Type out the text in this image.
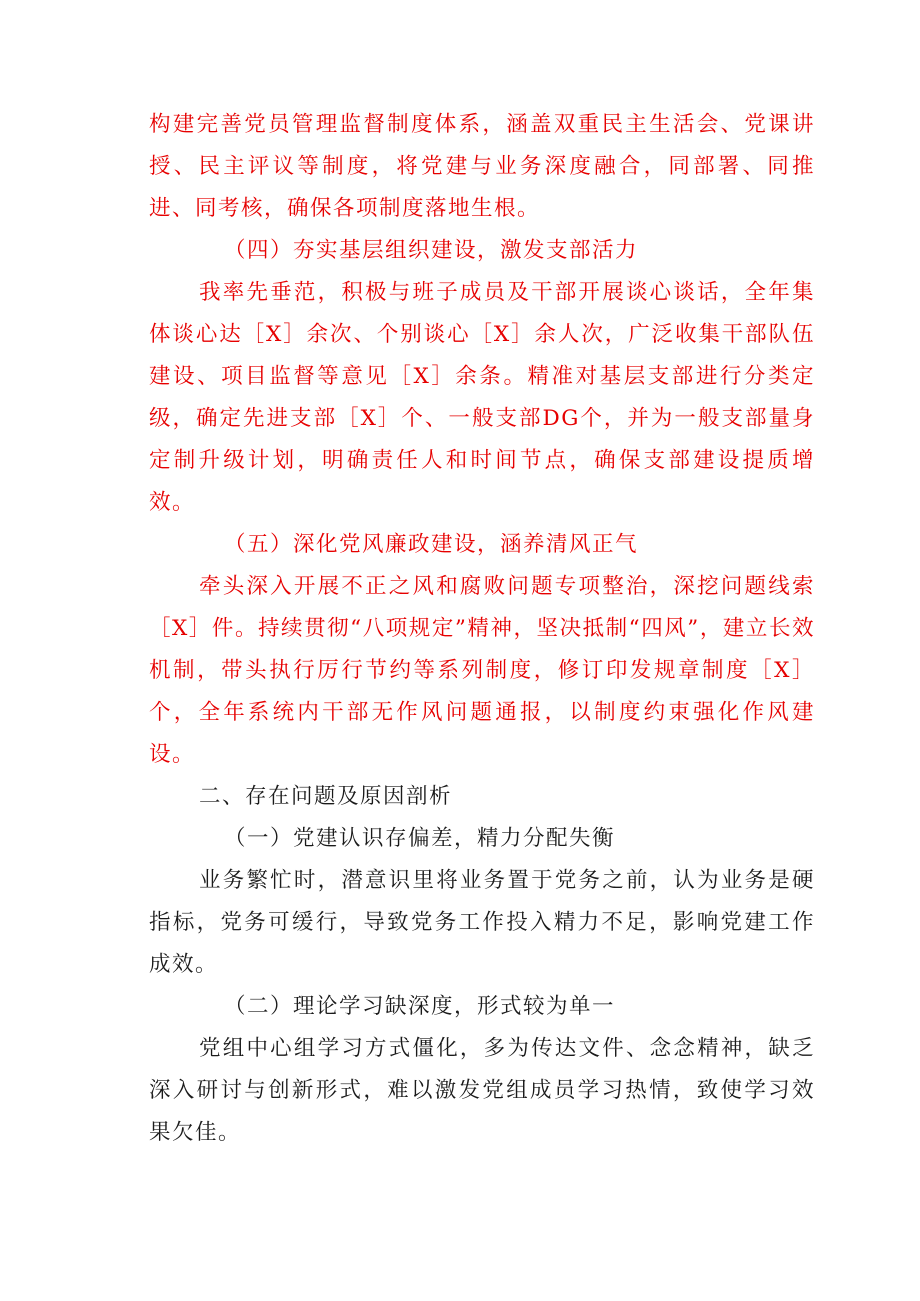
构建完善党员管理监督制度体系，涵盖双重民主生活会、党课讲授、民主评议等制度，将党建与业务深度融合，同部署、同推进、同考核，确保各项制度落地生根。

（四）夯实基层组织建设，激发支部活力

我率先垂范，积极与班子成员及干部开展谈心谈话，全年集体谈心达［X］余次、个别谈心［X］余人次，广泛收集干部队伍建设、项目监督等意见［X］余条。精准对基层支部进行分类定级，确定先进支部［X］个、一般支部DG个，并为一般支部量身定制升级计划，明确责任人和时间节点，确保支部建设提质增效。

（五）深化党风廉政建设，涵养清风正气

牵头深入开展不正之风和腐败问题专项整治，深挖问题线索［X］件。持续贯彻“八项规定”精神，坚决抵制“四风”，建立长效机制，带头执行厉行节约等系列制度，修订印发规章制度［X］个，全年系统内干部无作风问题通报，以制度约束强化作风建设。

二、存在问题及原因剖析

（一）党建认识存偏差，精力分配失衡

业务繁忙时，潜意识里将业务置于党务之前，认为业务是硬指标，党务可缓行，导致党务工作投入精力不足，影响党建工作成效。

（二）理论学习缺深度，形式较为单一

党组中心组学习方式僵化，多为传达文件、念念精神，缺乏深入研讨与创新形式，难以激发党组成员学习热情，致使学习效果欠佳。
